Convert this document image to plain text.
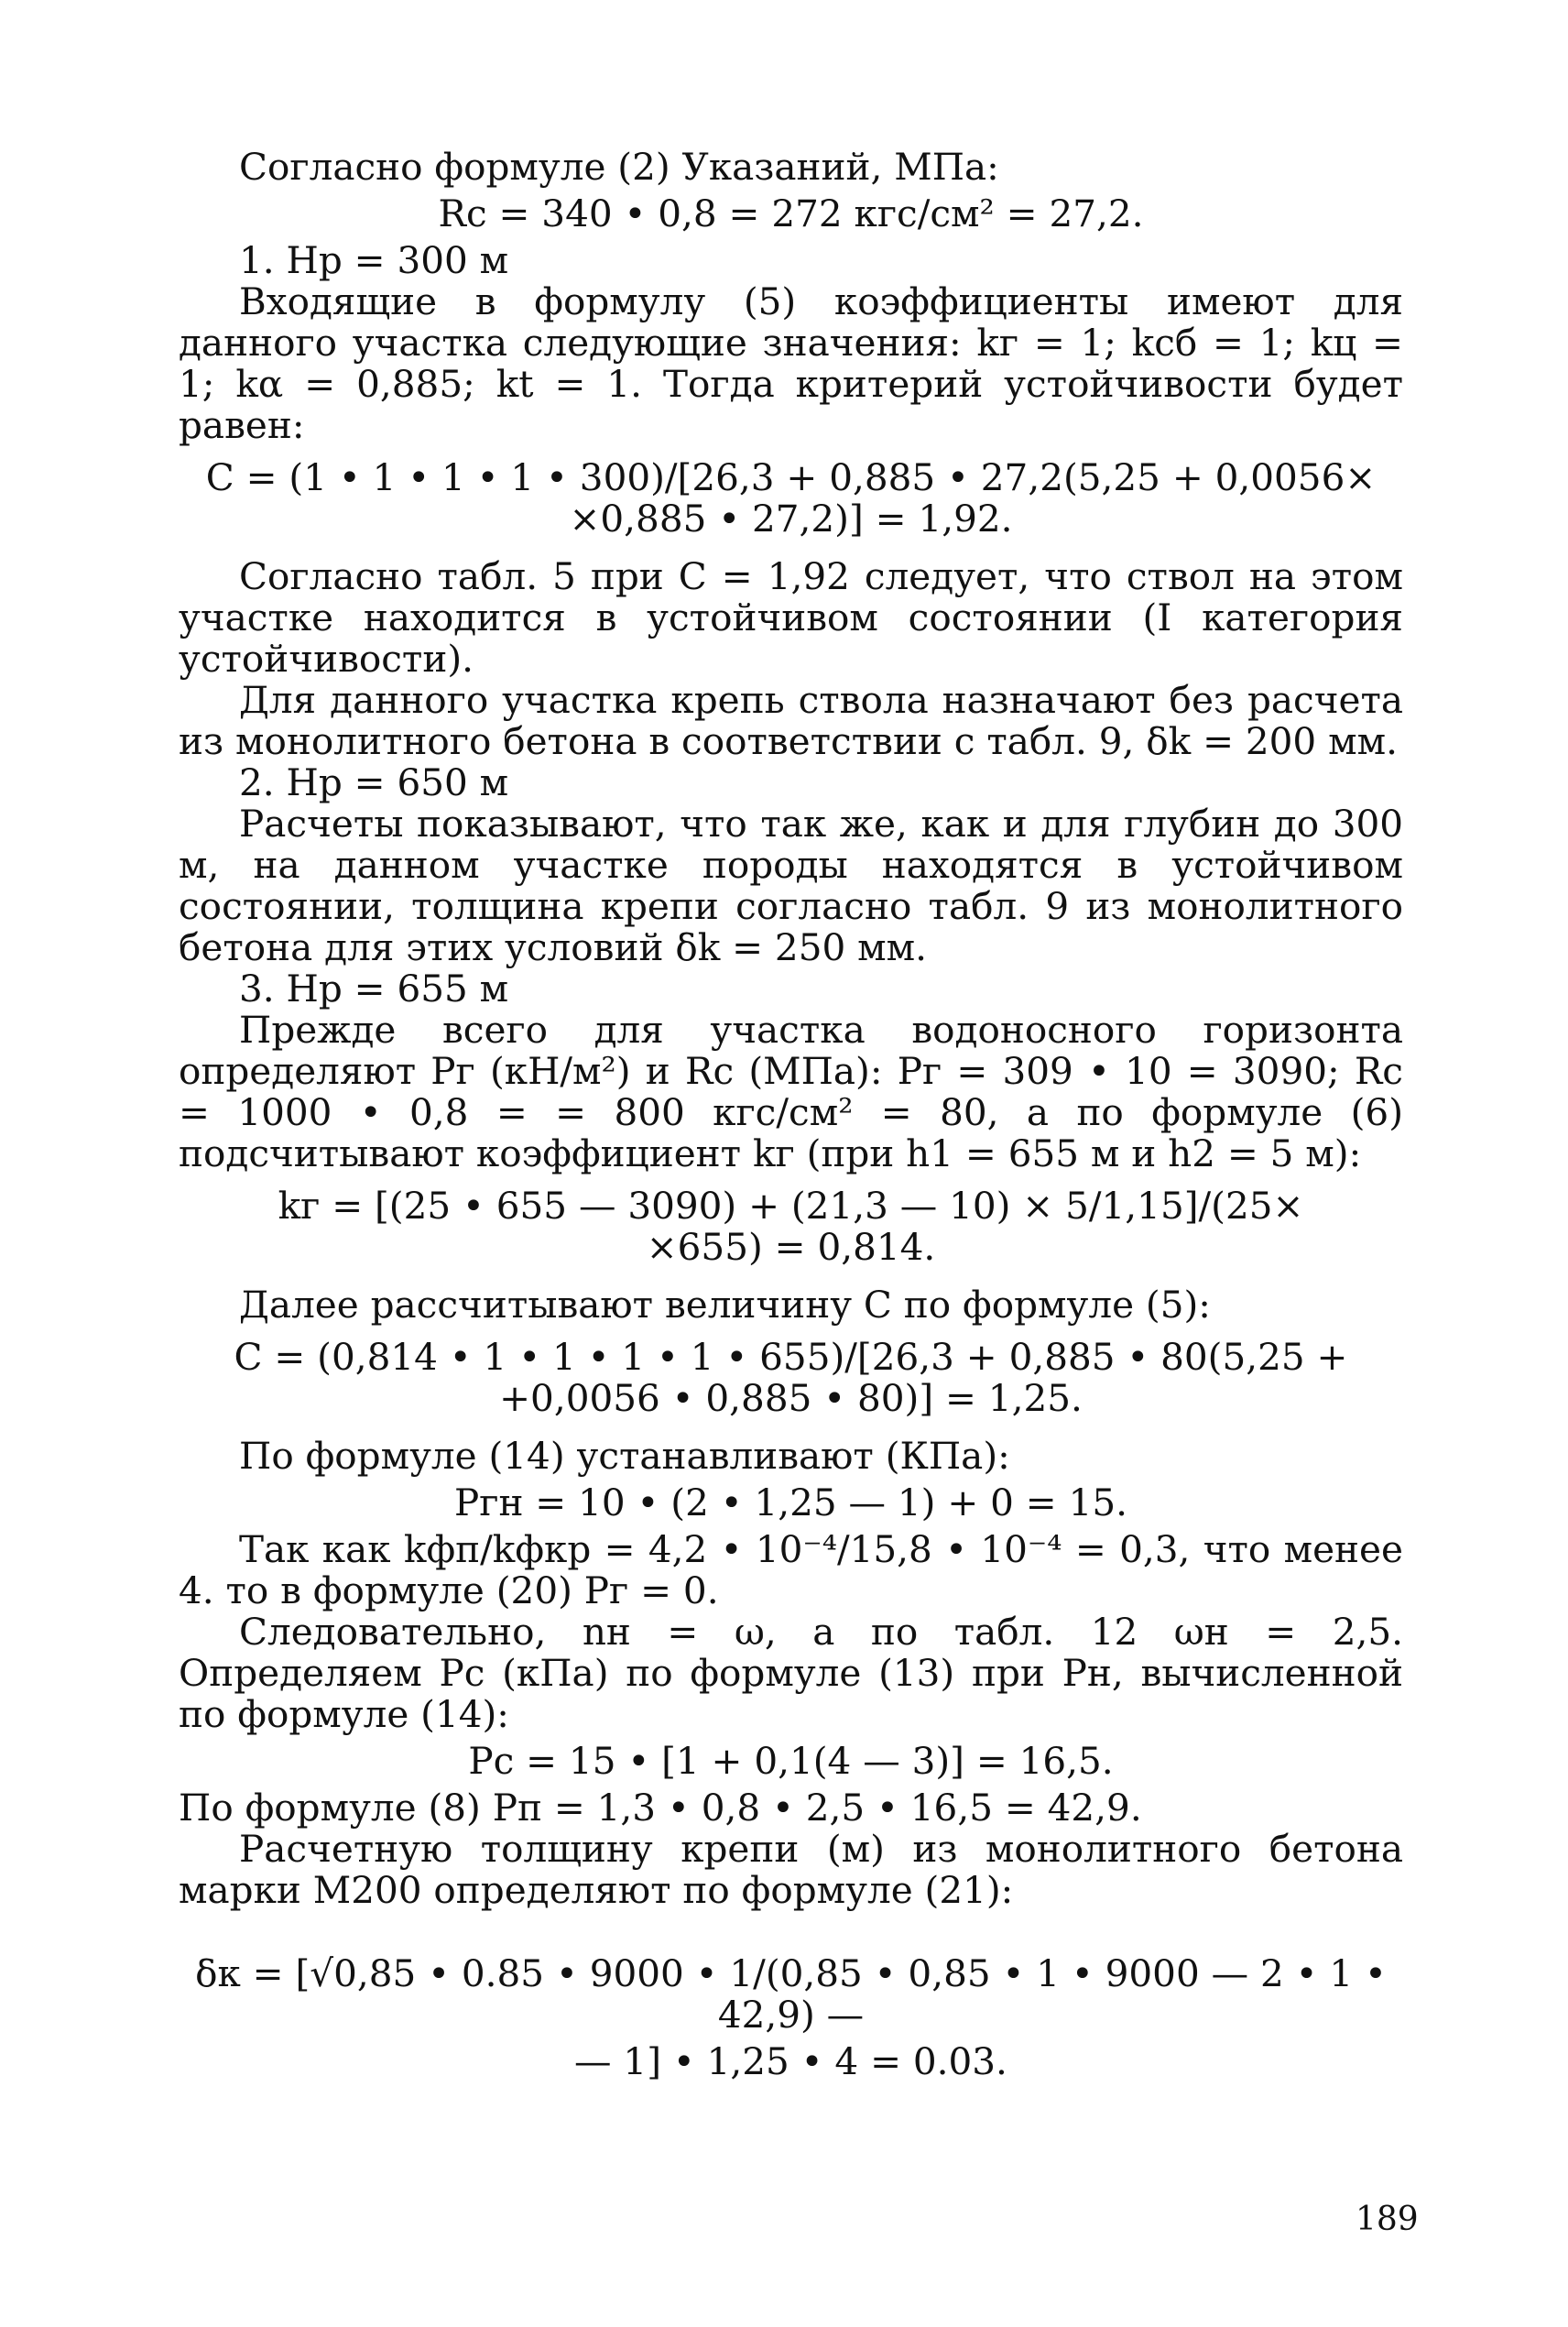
Согласно формуле (2) Указаний, МПа:

Rс = 340 • 0,8 = 272 кгс/см² = 27,2.

1. Hр = 300 м

Входящие в формулу (5) коэффициенты имеют для данного участка следующие значения: kг = 1; kсб = 1; kц = 1; kα = 0,885; kt = 1. Тогда критерий устойчивости будет равен:

C = (1 • 1 • 1 • 1 • 300)/[26,3 + 0,885 • 27,2(5,25 + 0,0056×

×0,885 • 27,2)] = 1,92.

Согласно табл. 5 при C = 1,92 следует, что ствол на этом участке находится в устойчивом состоянии (I категория устойчивости).

Для данного участка крепь ствола назначают без расчета из монолитного бетона в соответствии с табл. 9, δk = 200 мм.

2. Hр = 650 м

Расчеты показывают, что так же, как и для глубин до 300 м, на данном участке породы находятся в устойчивом состоянии, толщина крепи согласно табл. 9 из монолитного бетона для этих условий δk = 250 мм.

3. Hр = 655 м

Прежде всего для участка водоносного горизонта определяют Pг (кН/м²) и Rс (МПа): Pг = 309 • 10 = 3090; Rс = 1000 • 0,8 = = 800 кгс/см² = 80, а по формуле (6) подсчитывают коэффициент kг (при h1 = 655 м и h2 = 5 м):

kг = [(25 • 655 — 3090) + (21,3 — 10) × 5/1,15]/(25×

×655) = 0,814.

Далее рассчитывают величину C по формуле (5):

C = (0,814 • 1 • 1 • 1 • 1 • 655)/[26,3 + 0,885 • 80(5,25 +

+0,0056 • 0,885 • 80)] = 1,25.

По формуле (14) устанавливают (КПа):

Pгн = 10 • (2 • 1,25 — 1) + 0 = 15.

Так как kфп/kфкр = 4,2 • 10⁻⁴/15,8 • 10⁻⁴ = 0,3, что менее 4. то в формуле (20) Pг = 0.

Следовательно, nн = ω, а по табл. 12 ωн = 2,5. Определяем Pс (кПа) по формуле (13) при Pн, вычисленной по формуле (14):

Pс = 15 • [1 + 0,1(4 — 3)] = 16,5.

По формуле (8) Pп = 1,3 • 0,8 • 2,5 • 16,5 = 42,9.

Расчетную толщину крепи (м) из монолитного бетона марки М200 определяют по формуле (21):

δк = [√0,85 • 0.85 • 9000 • 1/(0,85 • 0,85 • 1 • 9000 — 2 • 1 • 42,9) —

— 1] • 1,25 • 4 = 0.03.

189
